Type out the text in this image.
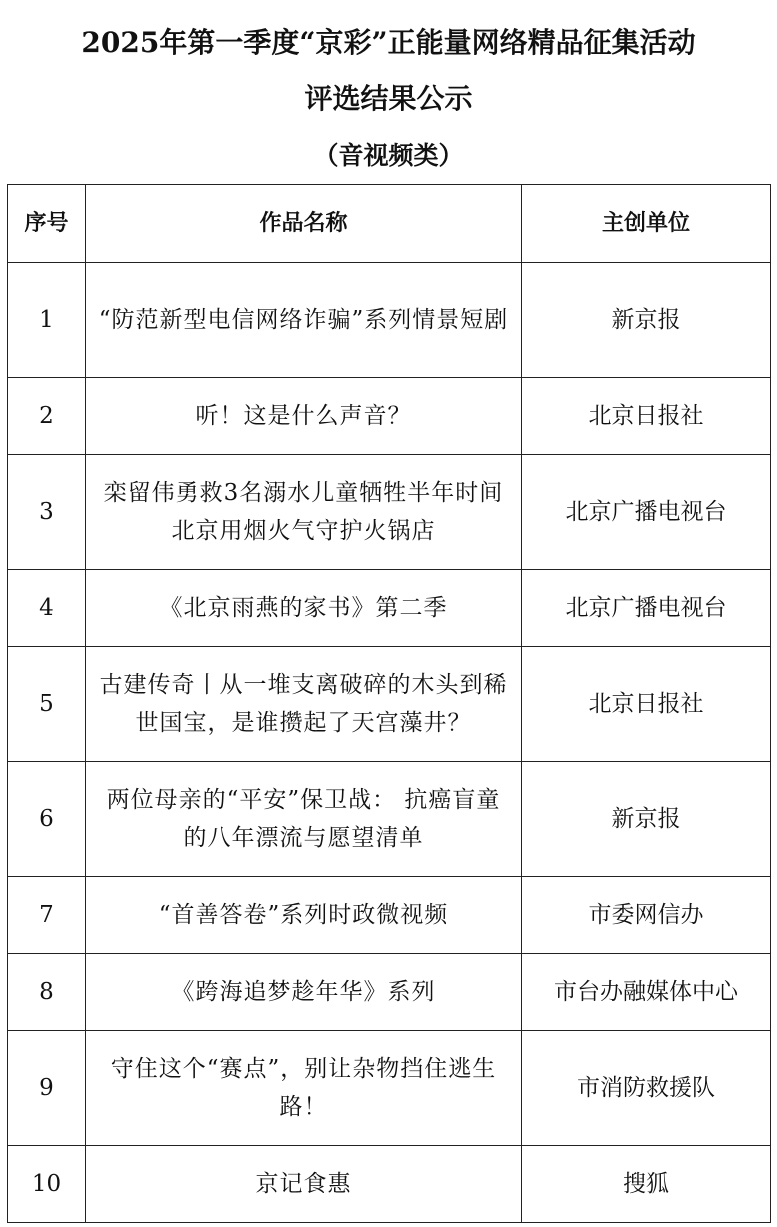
2025年第一季度“京彩”正能量网络精品征集活动
评选结果公示
（音视频类）
序号	作品名称	主创单位
1	“防范新型电信网络诈骗”系列情景短剧	新京报
2	听！这是什么声音？	北京日报社
3	栾留伟勇救3名溺水儿童牺牲半年时间 北京用烟火气守护火锅店	北京广播电视台
4	《北京雨燕的家书》第二季	北京广播电视台
5	古建传奇丨从一堆支离破碎的木头到稀世国宝，是谁攒起了天宫藻井？	北京日报社
6	两位母亲的“平安”保卫战： 抗癌盲童的八年漂流与愿望清单	新京报
7	“首善答卷”系列时政微视频	市委网信办
8	《跨海追梦趁年华》系列	市台办融媒体中心
9	守住这个“赛点”，别让杂物挡住逃生路！	市消防救援队
10	京记食惠	搜狐
